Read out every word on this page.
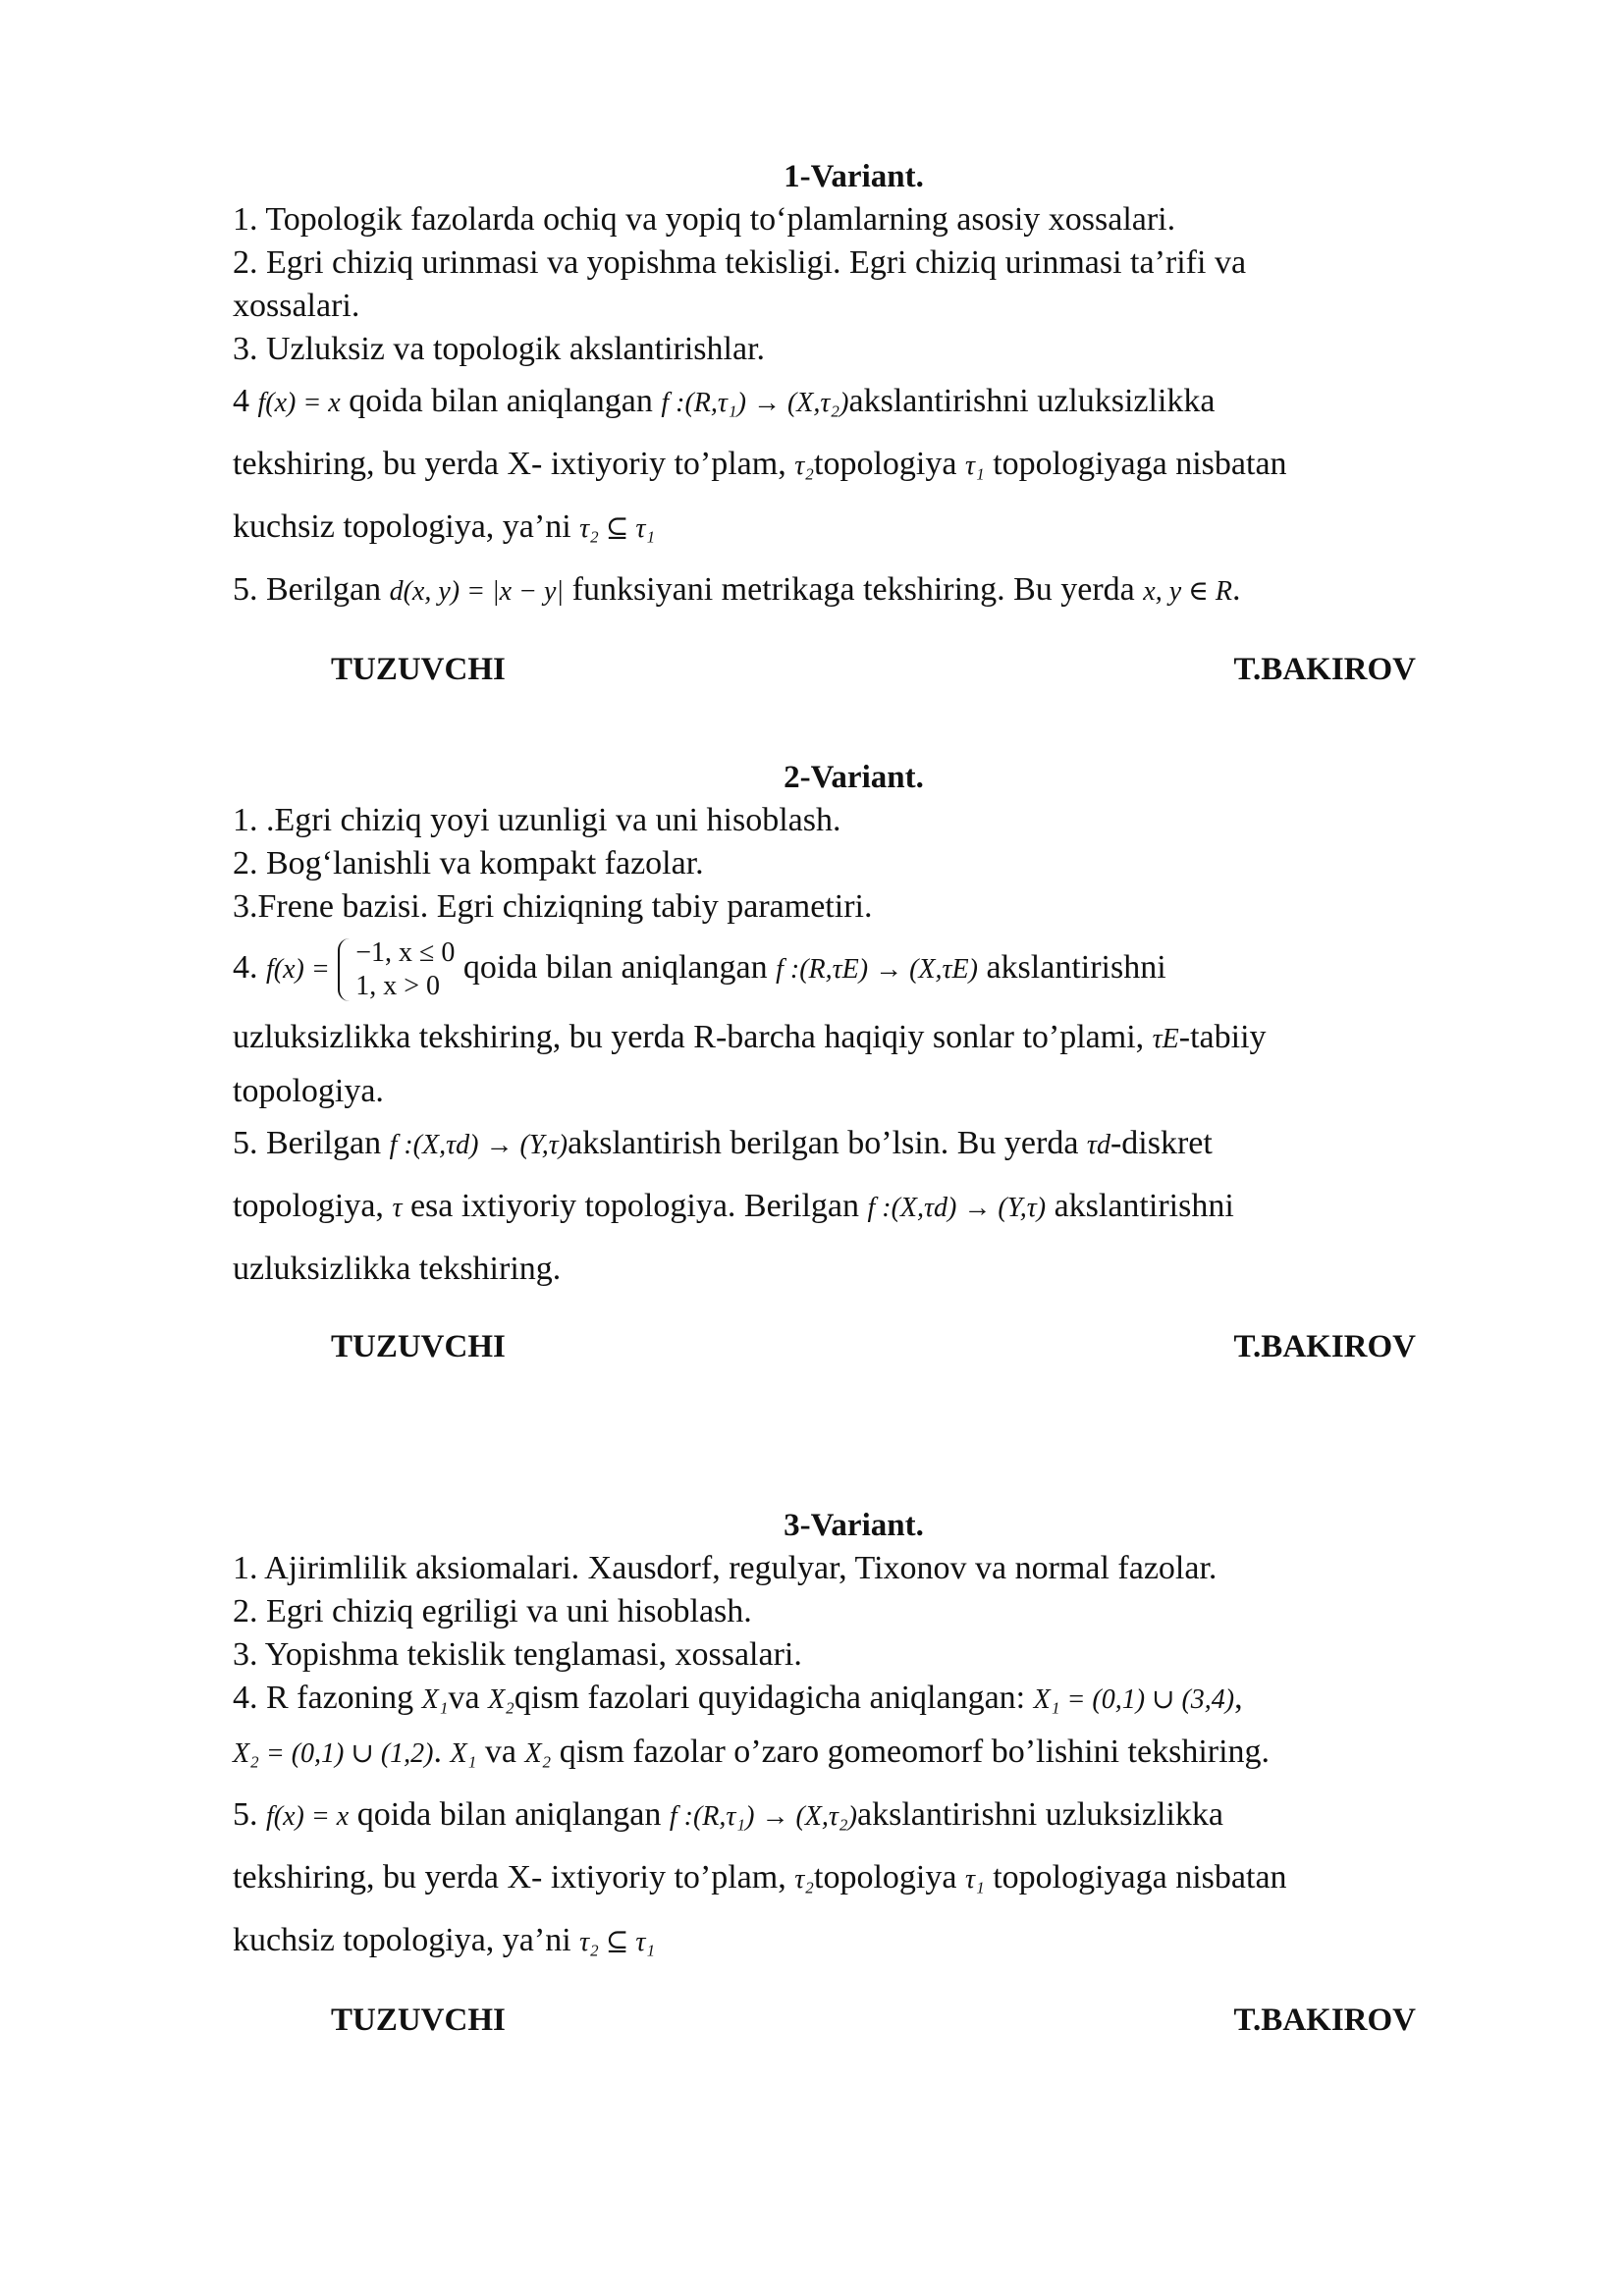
1-Variant.
1. Topologik fazolarda ochiq va yopiq to‘plamlarning asosiy xossalari.
2. Egri chiziq urinmasi va yopishma tekisligi. Egri chiziq urinmasi ta’rifi va
xossalari.
3. Uzluksiz va topologik akslantirishlar.
4 f(x) = x qoida bilan aniqlangan f :(R,τ₁) → (X,τ₂)akslantirishni uzluksizlikka
tekshiring, bu yerda X- ixtiyoriy to’plam, τ₂topologiya τ₁ topologiyaga nisbatan
kuchsiz topologiya, ya’ni τ₂ ⊆ τ₁
5. Berilgan d(x, y) = |x − y| funksiyani metrikaga tekshiring. Bu yerda x, y ∈ R.
TUZUVCHI	T.BAKIROV
2-Variant.
1. .Egri chiziq yoyi uzunligi va uni hisoblash.
2. Bog‘lanishli va kompakt fazolar.
3.Frene bazisi. Egri chiziqning tabiy parametiri.
4. f(x) =
−1, x ≤ 0
1, x > 0
qoida bilan aniqlangan f :(R,τE) → (X,τE) akslantirishni
uzluksizlikka tekshiring, bu yerda R-barcha haqiqiy sonlar to’plami, τE-tabiiy
topologiya.
5. Berilgan f :(X,τd) → (Y,τ)akslantirish berilgan bo’lsin. Bu yerda τd-diskret
topologiya, τ esa ixtiyoriy topologiya. Berilgan f :(X,τd) → (Y,τ) akslantirishni
uzluksizlikka tekshiring.
TUZUVCHI	T.BAKIROV
3-Variant.
1. Ajirimlilik aksiomalari. Xausdorf, regulyar, Tixonov va normal fazolar.
2. Egri chiziq egriligi va uni hisoblash.
3. Yopishma tekislik tenglamasi, xossalari.
4. R fazoning X₁va X₂qism fazolari quyidagicha aniqlangan: X₁ = (0,1) ∪ (3,4),
X₂ = (0,1) ∪ (1,2). X₁ va X₂ qism fazolar o’zaro gomeomorf bo’lishini tekshiring.
5. f(x) = x qoida bilan aniqlangan f :(R,τ₁) → (X,τ₂)akslantirishni uzluksizlikka
tekshiring, bu yerda X- ixtiyoriy to’plam, τ₂topologiya τ₁ topologiyaga nisbatan
kuchsiz topologiya, ya’ni τ₂ ⊆ τ₁
TUZUVCHI	T.BAKIROV
